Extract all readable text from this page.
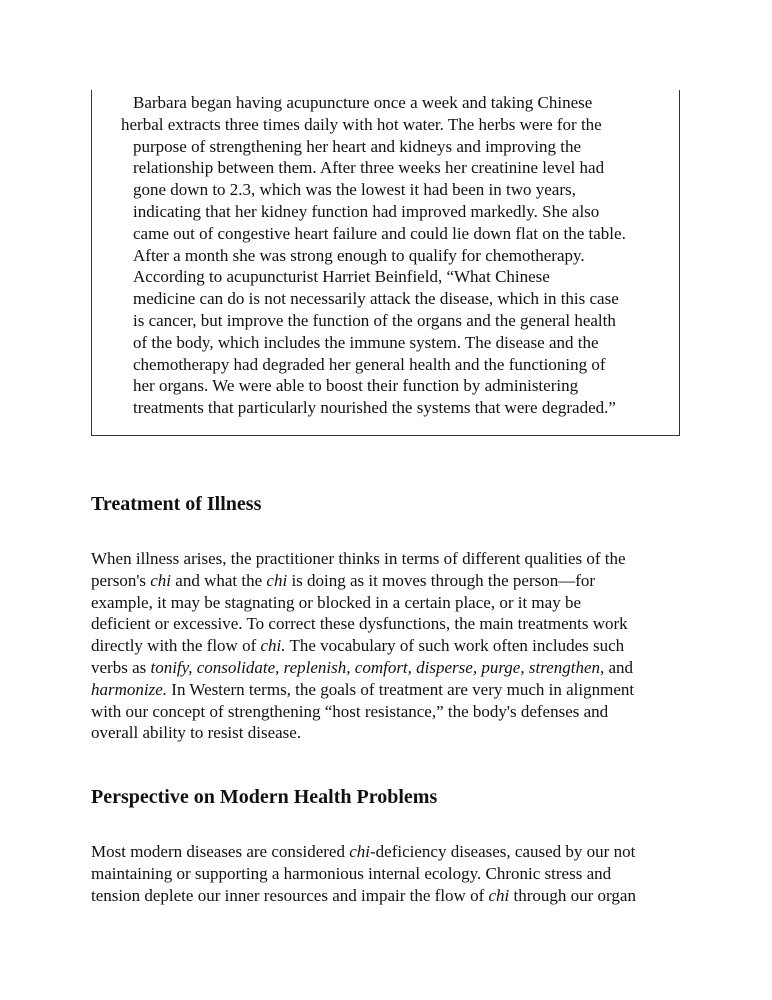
Barbara began having acupuncture once a week and taking Chinese
herbal extracts three times daily with hot water. The herbs were for the
purpose of strengthening her heart and kidneys and improving the
relationship between them. After three weeks her creatinine level had
gone down to 2.3, which was the lowest it had been in two years,
indicating that her kidney function had improved markedly. She also
came out of congestive heart failure and could lie down flat on the table.
After a month she was strong enough to qualify for chemotherapy.

According to acupuncturist Harriet Beinfield, “What Chinese
medicine can do is not necessarily attack the disease, which in this case
is cancer, but improve the function of the organs and the general health
of the body, which includes the immune system. The disease and the
chemotherapy had degraded her general health and the functioning of
her organs. We were able to boost their function by administering
treatments that particularly nourished the systems that were degraded.”

Treatment of Illness
When illness arises, the practitioner thinks in terms of different qualities of the
person's chi and what the chi is doing as it moves through the person—for
example, it may be stagnating or blocked in a certain place, or it may be
deficient or excessive. To correct these dysfunctions, the main treatments work
directly with the flow of chi. The vocabulary of such work often includes such
verbs as tonify, consolidate, replenish, comfort, disperse, purge, strengthen, and
harmonize. In Western terms, the goals of treatment are very much in alignment
with our concept of strengthening “host resistance,” the body's defenses and
overall ability to resist disease.
Perspective on Modern Health Problems
Most modern diseases are considered chi-deficiency diseases, caused by our not
maintaining or supporting a harmonious internal ecology. Chronic stress and
tension deplete our inner resources and impair the flow of chi through our organ
